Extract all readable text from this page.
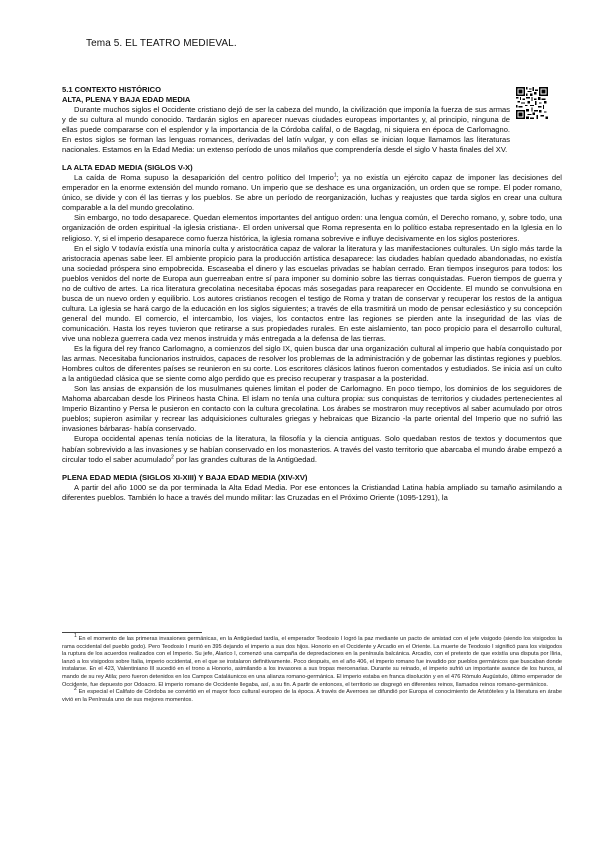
Tema 5. EL TEATRO MEDIEVAL.
5.1 CONTEXTO HISTÓRICO
ALTA, PLENA Y BAJA EDAD MEDIA

Durante muchos siglos el Occidente cristiano dejó de ser la cabeza del mundo, la civilización que imponía la fuerza de sus armas y de su cultura al mundo conocido. Tardarán siglos en aparecer nuevas ciudades europeas importantes y, al principio, ninguna de ellas puede compararse con el esplendor y la importancia de la Córdoba califal, o de Bagdag, ni siquiera en época de Carlomagno. En estos siglos se forman las lenguas romances, derivadas del latín vulgar, y con ellas se inician loque llamamos las literaturas nacionales. Estamos en la Edad Media: un extenso período de unos milaños que comprendería desde el siglo V hasta finales del XV.

LA ALTA EDAD MEDIA (SIGLOS V-X)

La caída de Roma supuso la desaparición del centro político del Imperio$^1$; ya no existía un ejército capaz de imponer las decisiones del emperador en la enorme extensión del mundo romano. Un imperio que se deshace es una organización, un orden que se rompe. El poder romano, único, se divide y con él las tierras y los pueblos. Se abre un período de reorganización, luchas y reajustes que tarda siglos en crear una cultura comparable a la del mundo grecolatino.

Sin embargo, no todo desaparece. Quedan elementos importantes del antiguo orden: una lengua común, el Derecho romano, y, sobre todo, una organización de orden espiritual -la iglesia cristiana-. El orden universal que Roma representa en lo político estaba representado en la Iglesia en lo religioso. Y, si el imperio desaparece como fuerza histórica, la iglesia romana sobrevive e influye decisivamente en los siglos posteriores.

En el siglo V todavía existía una minoría culta y aristocrática capaz de valorar la literatura y las manifestaciones culturales. Un siglo más tarde la aristocracia apenas sabe leer. El ambiente propicio para la producción artística desaparece: las ciudades habían quedado abandonadas, no existía una sociedad próspera sino empobrecida. Escaseaba el dinero y las escuelas privadas se habían cerrado. Eran tiempos inseguros para todos: los pueblos venidos del norte de Europa aun guerreaban entre sí para imponer su dominio sobre las tierras conquistadas. Fueron tiempos de guerra y no de cultivo de artes. La rica literatura grecolatina necesitaba épocas más sosegadas para reaparecer en Occidente. El mundo se convulsiona en busca de un nuevo orden y equilibrio. Los autores cristianos recogen el testigo de Roma y tratan de conservar y recuperar los restos de la antigua cultura. La iglesia se hará cargo de la educación en los siglos siguientes; a través de ella trasmitirá un modo de pensar eclesiástico y su concepción general del mundo. El comercio, el intercambio, los viajes, los contactos entre las regiones se pierden ante la inseguridad de las vías de comunicación. Hasta los reyes tuvieron que retirarse a sus propiedades rurales. En este aislamiento, tan poco propicio para el desarrollo cultural, vive una nobleza guerrera cada vez menos instruida y más entregada a la defensa de las tierras.

Es la figura del rey franco Carlomagno, a comienzos del siglo IX, quien busca dar una organización cultural al imperio que había conquistado por las armas. Necesitaba funcionarios instruidos, capaces de resolver los problemas de la administración y de gobernar las distintas regiones y pueblos. Hombres cultos de diferentes países se reunieron en su corte. Los escritores clásicos latinos fueron comentados y estudiados. Se inicia así un culto a la antigüedad clásica que se siente como algo perdido que es preciso recuperar y traspasar a la posteridad.

Son las ansias de expansión de los musulmanes quienes limitan el poder de Carlomagno. En poco tiempo, los dominios de los seguidores de Mahoma abarcaban desde los Pirineos hasta China. El islam no tenía una cultura propia: sus conquistas de territorios y ciudades pertenecientes al Imperio Bizantino y Persa le pusieron en contacto con la cultura grecolatina. Los árabes se mostraron muy receptivos al saber acumulado por otros pueblos; supieron asimilar y recrear las adquisiciones culturales griegas y hebraicas que Bizancio -la parte oriental del Imperio que no sufrió las invasiones bárbaras- había conservado.

Europa occidental apenas tenía noticias de la literatura, la filosofía y la ciencia antiguas. Solo quedaban restos de textos y documentos que habían sobrevivido a las invasiones y se habían conservado en los monasterios. A través del vasto territorio que abarcaba el mundo árabe empezó a circular todo el saber acumulado$^2$ por las grandes culturas de la Antigüedad.

PLENA EDAD MEDIA (SIGLOS XI-XIII) Y BAJA EDAD MEDIA (XIV-XV)

A partir del año 1000 se da por terminada la Alta Edad Media. Por ese entonces la Cristiandad Latina había ampliado su tamaño asimilando a diferentes pueblos. También lo hace a través del mundo militar: las Cruzadas en el Próximo Oriente (1095-1291), la

$^1$ En el momento de las primeras invasiones germánicas, en la Antigüedad tardía, el emperador Teodosio I logró la paz mediante un pacto de amistad con el jefe visigodo (siendo los visigodos la rama occidental del pueblo godo). Pero Teodosio I murió en 395 dejando el imperio a sus dos hijos. Honorio en el Occidente y Arcadio en el Oriente. La muerte de Teodosio I significó para los visigodos la ruptura de los acuerdos realizados con el Imperio. Su jefe, Alarico I, comenzó una campaña de depredaciones en la península balcánica. Arcadio, con el pretexto de que existía una disputa por Iliria, lanzó a los visigodos sobre Italia, imperio occidental, en el que se instalaron definitivamente. Poco después, en el año 406, el imperio romano fue invadido por pueblos germánicos que buscaban donde instalarse. En el 423, Valentiniano III sucedió en el trono a Honorio, asimilando a los invasores a sus tropas mercenarias. Durante su reinado, el imperio sufrió un importante avance de los hunos, al mando de su rey Atila; pero fueron detenidos en los Campos Cataláunicos en una alianza romano-germánica. El imperio estaba en franca disolución y en el 476 Rómulo Augústulo, último emperador de Occidente, fue depuesto por Odoacro. El imperio romano de Occidente llegaba, así, a su fin. A partir de entonces, el territorio se disgregó en diferentes reinos, llamados reinos romano-germánicos.

$^2$ En especial el Califato de Córdoba se convirtió en el mayor foco cultural europeo de la época. A través de Averroes se difundió por Europa el conocimiento de Aristóteles y la literatura en árabe vivió en la Península uno de sus mejores momentos.
